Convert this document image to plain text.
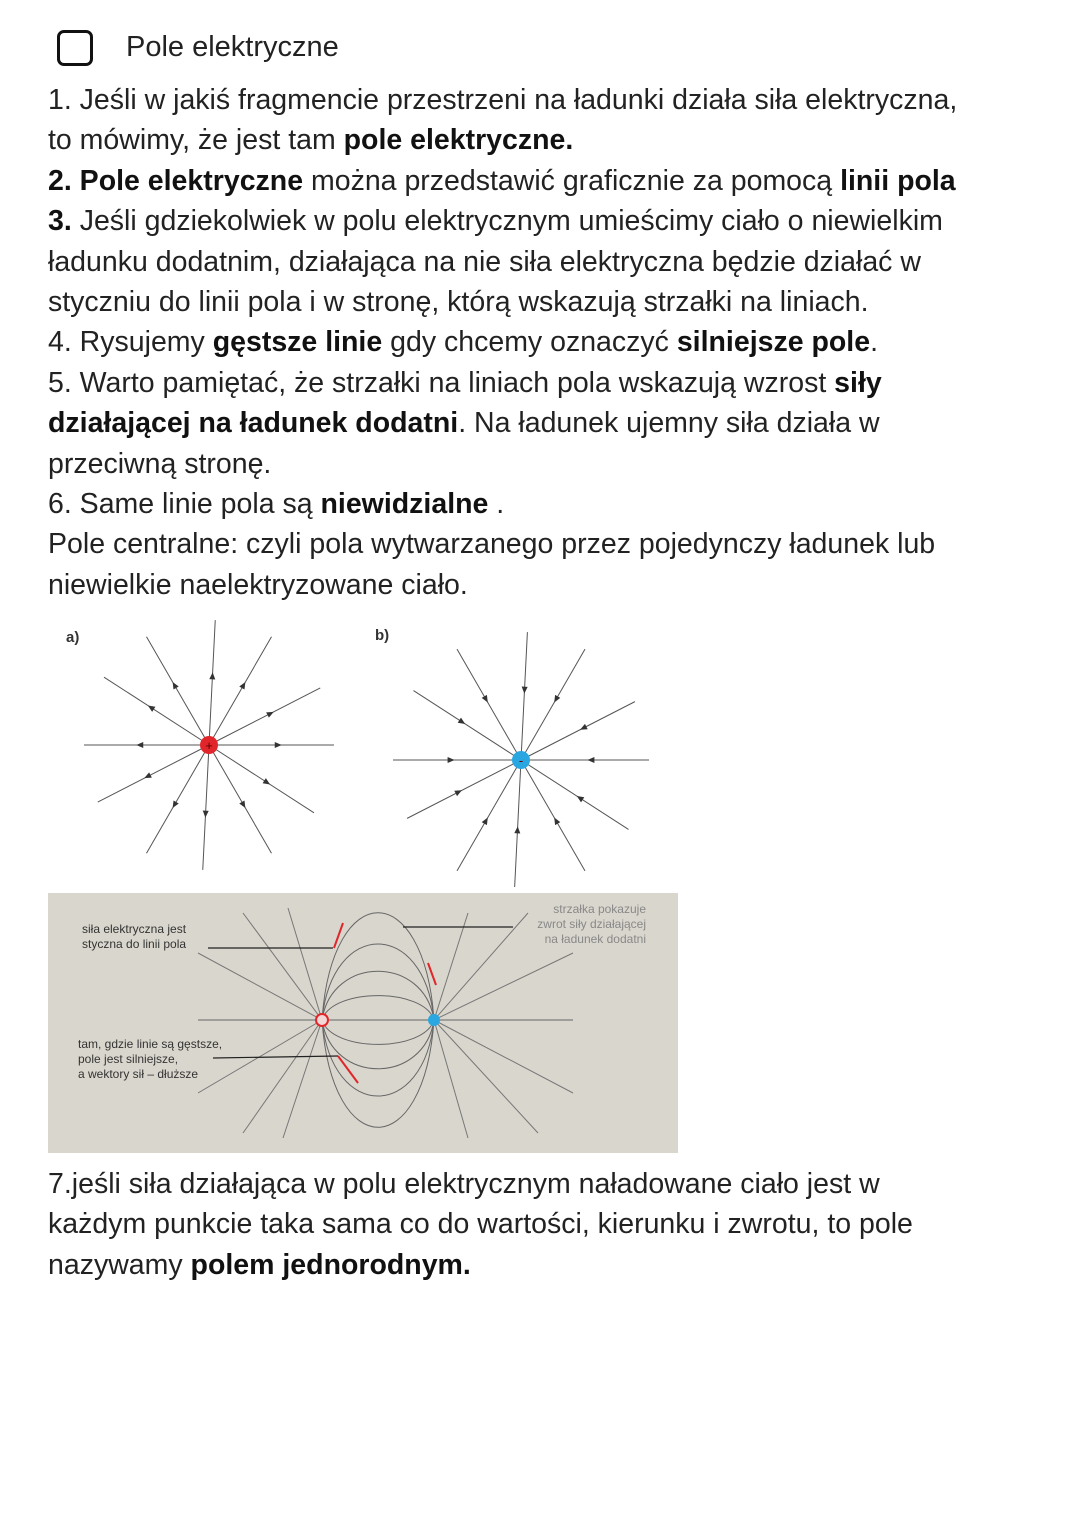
Pole elektryczne
1. Jeśli w jakiś fragmencie przestrzeni na ładunki działa siła elektryczna,
to mówimy, że jest tam pole elektryczne.
2. Pole elektryczne można przedstawić graficznie za pomocą linii pola
3. Jeśli gdziekolwiek w polu elektrycznym umieścimy ciało o niewielkim
ładunku dodatnim, działająca na nie siła elektryczna będzie działać w
styczniu do linii pola i w stronę, którą wskazują strzałki na liniach.
4. Rysujemy gęstsze linie gdy chcemy oznaczyć silniejsze pole.
5. Warto pamiętać, że strzałki na liniach pola wskazują wzrost siły
działającej na ładunek dodatni. Na ładunek ujemny siła działa w
przeciwną stronę.
6. Same linie pola są niewidzialne .
Pole centralne: czyli pola wytwarzanego przez pojedynczy ładunek lub
niewielkie naelektryzowane ciało.
a)
+
b)
-
siła elektryczna jest
styczna do linii pola
tam, gdzie linie są gęstsze,
pole jest silniejsze,
a wektory sił – dłuższe
strzałka pokazuje
zwrot siły działającej
na ładunek dodatni
7.jeśli siła działająca w polu elektrycznym naładowane ciało jest w
każdym punkcie taka sama co do wartości, kierunku i zwrotu, to pole
nazywamy polem jednorodnym.
